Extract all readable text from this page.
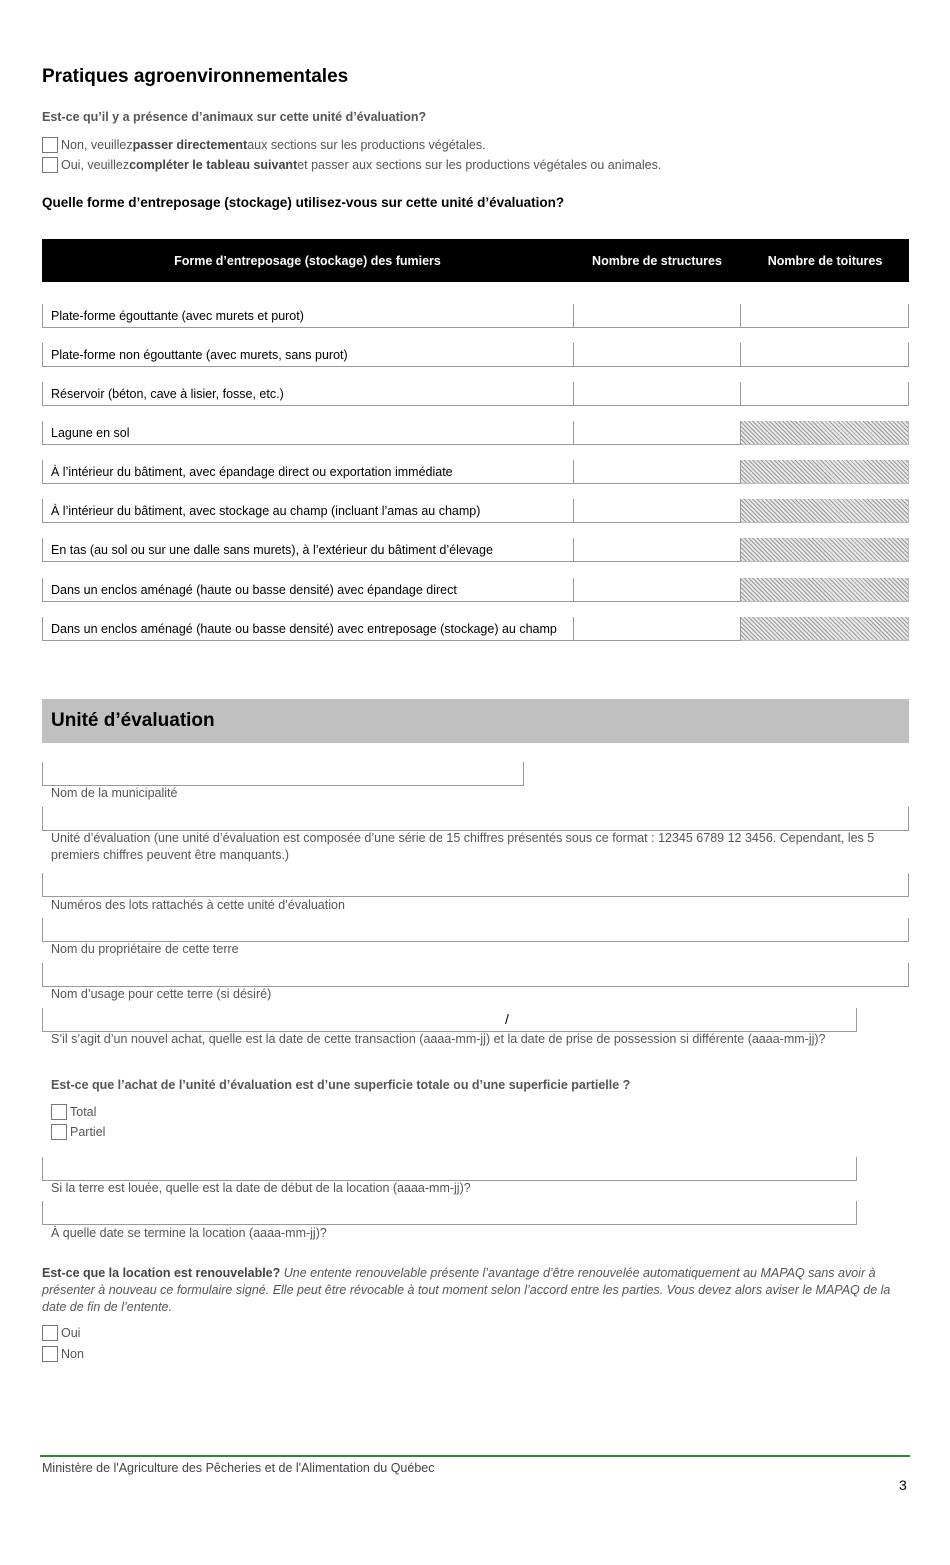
Pratiques agroenvironnementales
Est-ce qu’il y a présence d’animaux sur cette unité d’évaluation?
Non, veuillez passer directement aux sections sur les productions végétales.
Oui, veuillez compléter le tableau suivant et passer aux sections sur les productions végétales ou animales.
Quelle forme d’entreposage (stockage) utilisez-vous sur cette unité d’évaluation?
Forme d’entreposage (stockage) des fumiers	Nombre de structures	Nombre de toitures
Plate-forme égouttante (avec murets et purot)
Plate-forme non égouttante (avec murets, sans purot)
Réservoir (béton, cave à lisier, fosse, etc.)
Lagune en sol
À l’intérieur du bâtiment, avec épandage direct ou exportation immédiate
À l’intérieur du bâtiment, avec stockage au champ (incluant l’amas au champ)
En tas (au sol ou sur une dalle sans murets), à l’extérieur du bâtiment d’élevage
Dans un enclos aménagé (haute ou basse densité) avec épandage direct
Dans un enclos aménagé (haute ou basse densité) avec entreposage (stockage) au champ
Unité d’évaluation
Nom de la municipalité
Unité d’évaluation (une unité d’évaluation est composée d’une série de 15 chiffres présentés sous ce format : 12345 6789 12 3456. Cependant, les 5 premiers chiffres peuvent être manquants.)
Numéros des lots rattachés à cette unité d’évaluation
Nom du propriétaire de cette terre
Nom d’usage pour cette terre (si désiré)
/
S’il s’agit d’un nouvel achat, quelle est la date de cette transaction (aaaa-mm-jj) et la date de prise de possession si différente (aaaa-mm-jj)?
Est-ce que l’achat de l’unité d’évaluation est d’une superficie totale ou d’une superficie partielle ?
Total
Partiel
Si la terre est louée, quelle est la date de début de la location (aaaa-mm-jj)?
À quelle date se termine la location (aaaa-mm-jj)?
Est-ce que la location est renouvelable? Une entente renouvelable présente l’avantage d’être renouvelée automatiquement au MAPAQ sans avoir à présenter à nouveau ce formulaire signé. Elle peut être révocable à tout moment selon l’accord entre les parties. Vous devez alors aviser le MAPAQ de la date de fin de l’entente.
Oui
Non
Ministère de l'Agriculture des Pêcheries et de l'Alimentation du Québec
3
